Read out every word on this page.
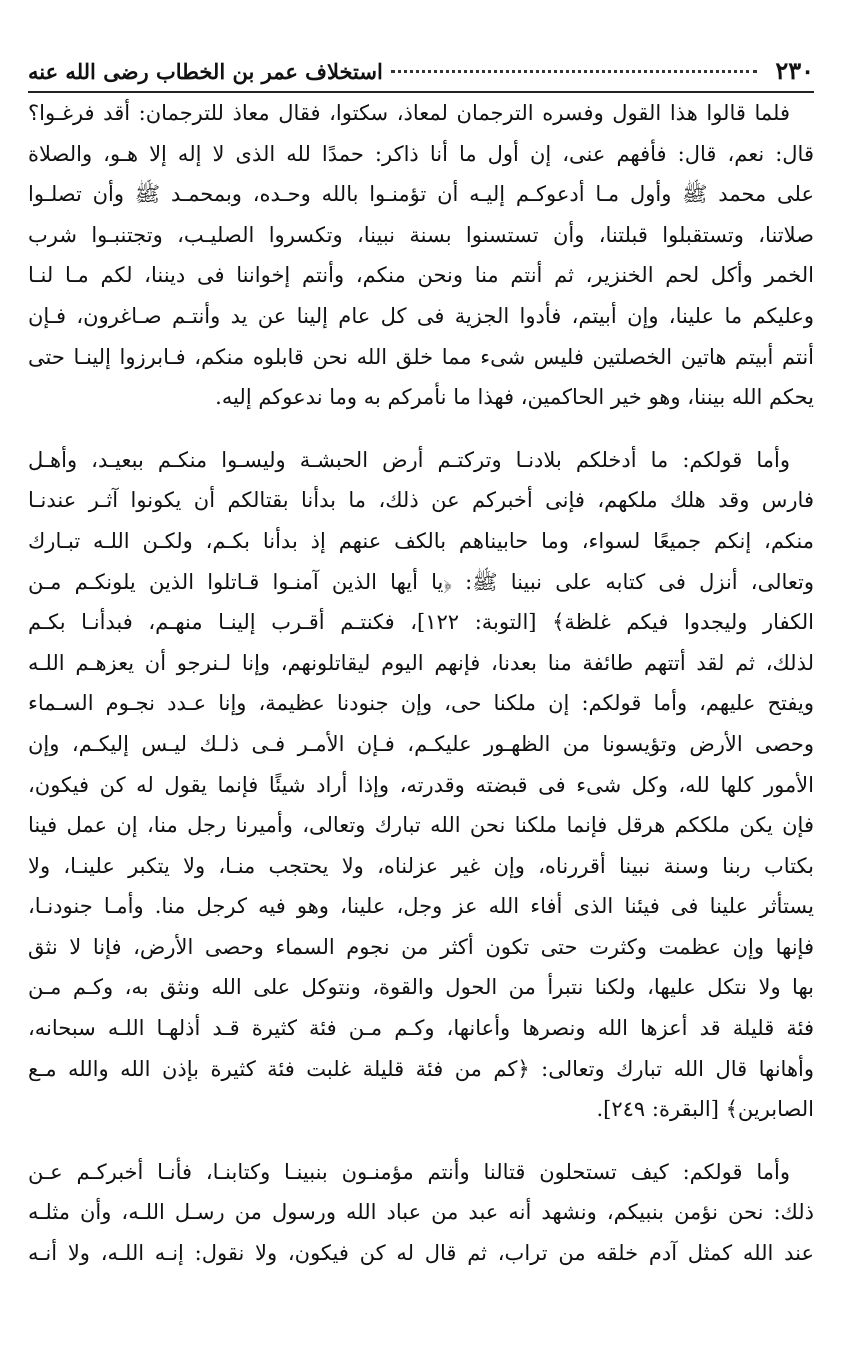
٢٣٠
استخلاف عمر بن الخطاب رضى الله عنه
فلما قالوا هذا القول وفسره الترجمان لمعاذ، سكتوا، فقال معاذ للترجمان: أقد فرغـوا؟
قال: نعم، قال: فأفهم عنى، إن أول ما أنا ذاكر: حمدًا لله الذى لا إله إلا هـو، والصلاة
على محمد ﷺ وأول مـا أدعوكـم إليـه أن تؤمنـوا بالله وحـده، وبمحمـد ﷺ وأن تصلـوا
صلاتنا، وتستقبلوا قبلتنا، وأن تستسنوا بسنة نبينا، وتكسروا الصليـب، وتجتنبـوا شرب
الخمر وأكل لحم الخنزير، ثم أنتم منا ونحن منكم، وأنتم إخواننا فى ديننا، لكم مـا لنـا
وعليكم ما علينا، وإن أبيتم، فأدوا الجزية فى كل عام إلينا عن يد وأنتـم صـاغرون، فـإن
أنتم أبيتم هاتين الخصلتين فليس شىء مما خلق الله نحن قابلوه منكم، فـابرزوا إلينـا حتى
يحكم الله بيننا، وهو خير الحاكمين، فهذا ما نأمركم به وما ندعوكم إليه.
وأما قولكم: ما أدخلكم بلادنـا وتركتـم أرض الحبشـة وليسـوا منكـم ببعيـد، وأهـل
فارس وقد هلك ملكهم، فإنى أخبركم عن ذلك، ما بدأنا بقتالكم أن يكونوا آثـر عندنـا
منكم، إنكم جميعًا لسواء، وما حابيناهم بالكف عنهم إذ بدأنا بكـم، ولكـن اللـه تبـارك
وتعالى، أنزل فى كتابه على نبينا ﷺ: ﴿يا أيها الذين آمنـوا قـاتلوا الذين يلونكـم مـن
الكفار وليجدوا فيكم غلظة﴾ [التوبة: ١٢٢]، فكنتـم أقـرب إلينـا منهـم، فبدأنـا بكـم
لذلك، ثم لقد أتتهم طائفة منا بعدنا، فإنهم اليوم ليقاتلونهم، وإنا لـنرجو أن يعزهـم اللـه
ويفتح عليهم، وأما قولكم: إن ملكنا حى، وإن جنودنا عظيمة، وإنا عـدد نجـوم السـماء
وحصى الأرض وتؤيسونا من الظهـور عليكـم، فـإن الأمـر فـى ذلـك ليـس إليكـم، وإن
الأمور كلها لله، وكل شىء فى قبضته وقدرته، وإذا أراد شيئًا فإنما يقول له كن فيكون،
فإن يكن ملككم هرقل فإنما ملكنا نحن الله تبارك وتعالى، وأميرنا رجل منا، إن عمل فينا
بكتاب ربنا وسنة نبينا أقررناه، وإن غير عزلناه، ولا يحتجب منـا، ولا يتكبر علينـا، ولا
يستأثر علينا فى فيئنا الذى أفاء الله عز وجل، علينا، وهو فيه كرجل منا. وأمـا جنودنـا،
فإنها وإن عظمت وكثرت حتى تكون أكثر من نجوم السماء وحصى الأرض، فإنا لا نثق
بها ولا نتكل عليها، ولكنا نتبرأ من الحول والقوة، ونتوكل على الله ونثق به، وكـم مـن
فئة قليلة قد أعزها الله ونصرها وأعانها، وكـم مـن فئة كثيرة قـد أذلهـا اللـه سبحانه،
وأهانها قال الله تبارك وتعالى: ﴿كم من فئة قليلة غلبت فئة كثيرة بإذن الله والله مـع
الصابرين﴾ [البقرة: ٢٤٩].
وأما قولكم: كيف تستحلون قتالنا وأنتم مؤمنـون بنبينـا وكتابنـا، فأنـا أخبركـم عـن
ذلك: نحن نؤمن بنبيكم، ونشهد أنه عبد من عباد الله ورسول من رسـل اللـه، وأن مثلـه
عند الله كمثل آدم خلقه من تراب، ثم قال له كن فيكون، ولا نقول: إنـه اللـه، ولا أنـه
